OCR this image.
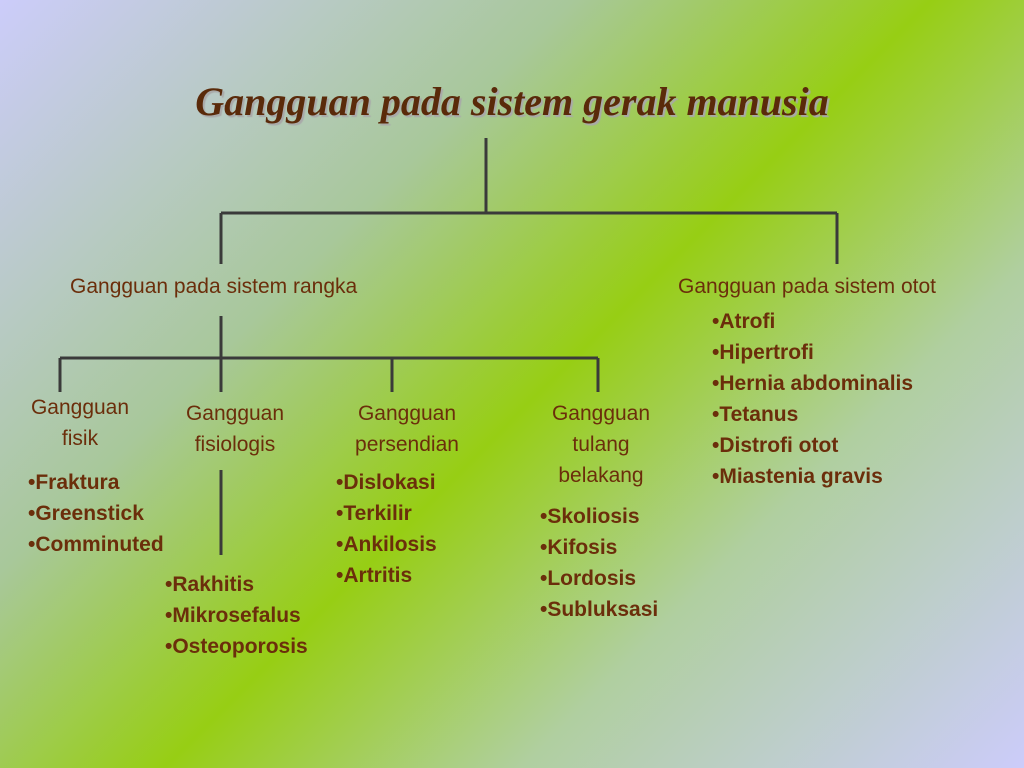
Gangguan pada sistem gerak manusia
Gangguan pada sistem rangka	Gangguan pada sistem otot
•Atrofi
•Hipertrofi
•Hernia abdominalis
•Tetanus
•Distrofi otot
•Miastenia gravis
Gangguan
fisik
•Fraktura
•Greenstick
•Comminuted
Gangguan
fisiologis
•Rakhitis
•Mikrosefalus
•Osteoporosis
Gangguan
persendian
•Dislokasi
•Terkilir
•Ankilosis
•Artritis
Gangguan
tulang
belakang
•Skoliosis
•Kifosis
•Lordosis
•Subluksasi
